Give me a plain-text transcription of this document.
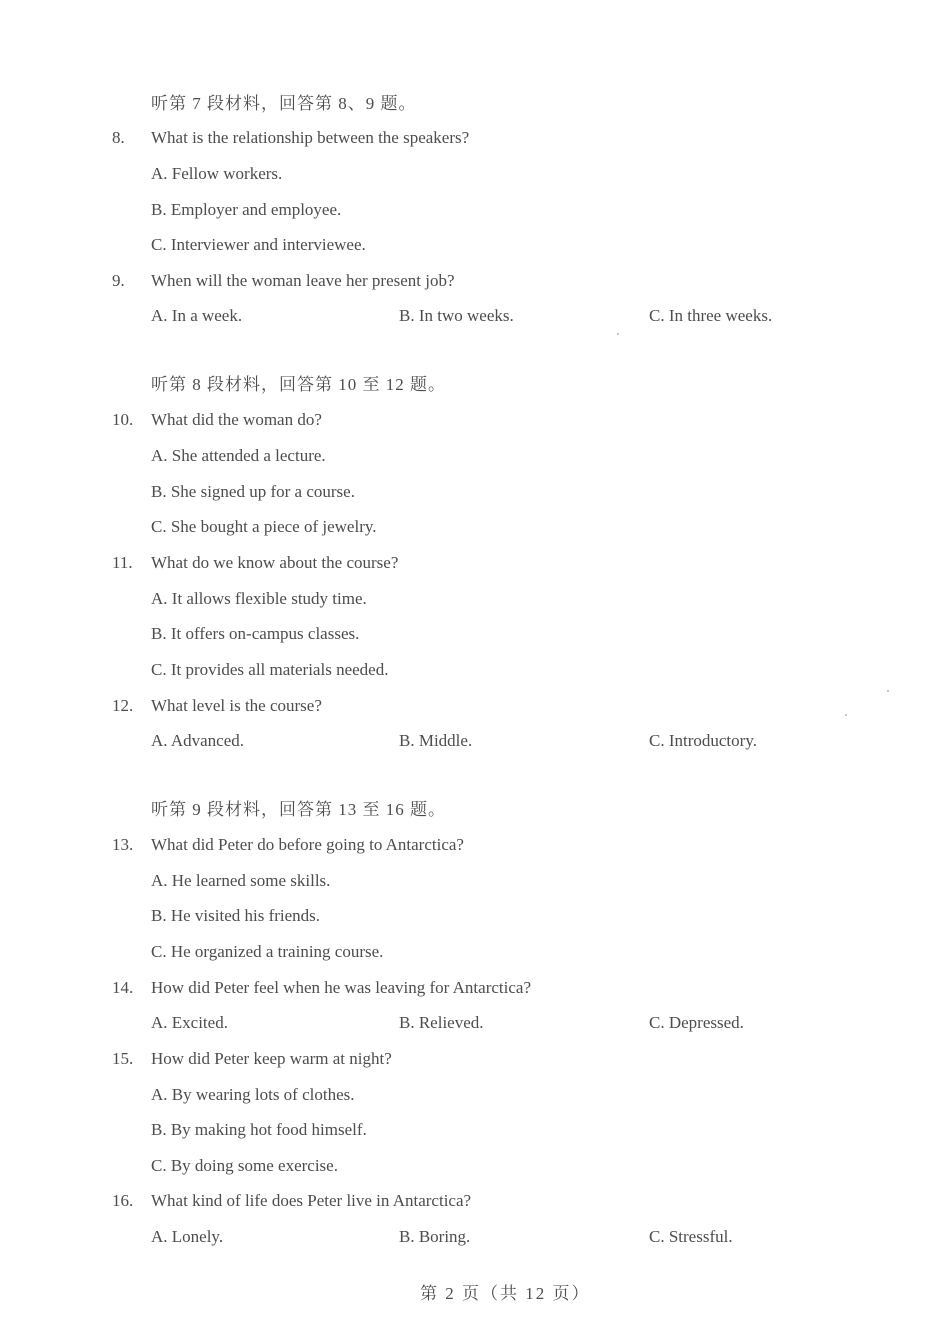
听第 7 段材料，回答第 8、9 题。
8. What is the relationship between the speakers?
A. Fellow workers.
B. Employer and employee.
C. Interviewer and interviewee.
9. When will the woman leave her present job?
A. In a week.	B. In two weeks.	C. In three weeks.
听第 8 段材料，回答第 10 至 12 题。
10. What did the woman do?
A. She attended a lecture.
B. She signed up for a course.
C. She bought a piece of jewelry.
11. What do we know about the course?
A. It allows flexible study time.
B. It offers on-campus classes.
C. It provides all materials needed.
12. What level is the course?
A. Advanced.	B. Middle.	C. Introductory.
听第 9 段材料，回答第 13 至 16 题。
13. What did Peter do before going to Antarctica?
A. He learned some skills.
B. He visited his friends.
C. He organized a training course.
14. How did Peter feel when he was leaving for Antarctica?
A. Excited.	B. Relieved.	C. Depressed.
15. How did Peter keep warm at night?
A. By wearing lots of clothes.
B. By making hot food himself.
C. By doing some exercise.
16. What kind of life does Peter live in Antarctica?
A. Lonely.	B. Boring.	C. Stressful.
第 2 页（共 12 页）
